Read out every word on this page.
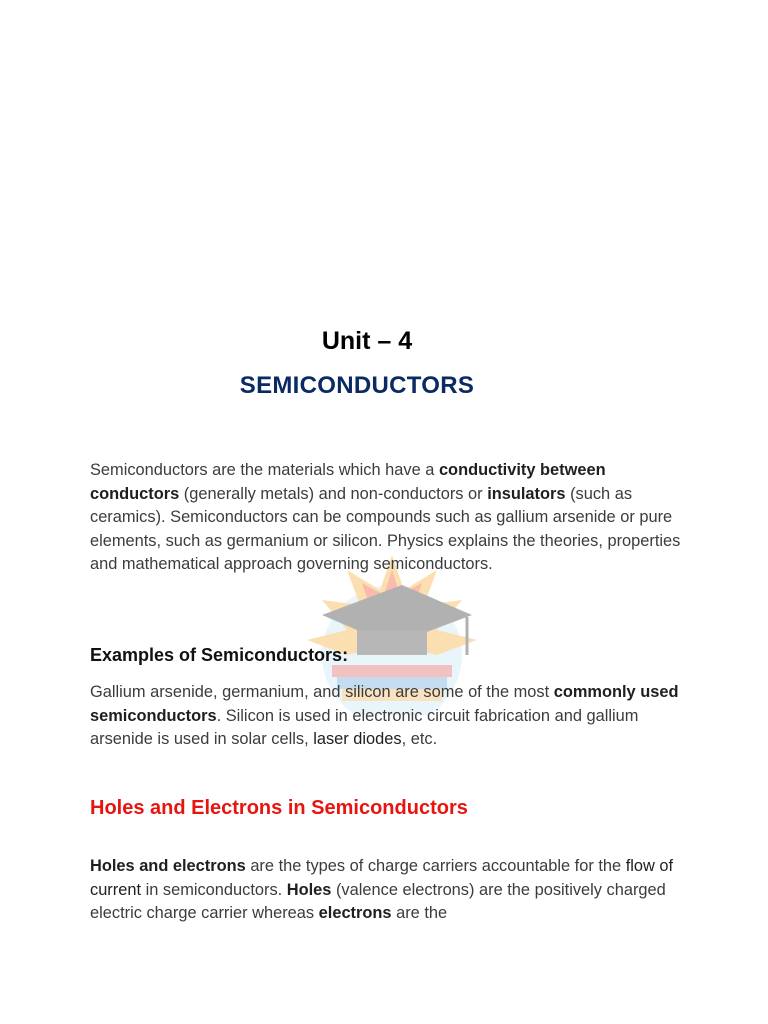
Unit – 4
SEMICONDUCTORS

Semiconductors are the materials which have a conductivity between conductors (generally metals) and non-conductors or insulators (such as ceramics). Semiconductors can be compounds such as gallium arsenide or pure elements, such as germanium or silicon. Physics explains the theories, properties and mathematical approach governing semiconductors.

Examples of Semiconductors:

Gallium arsenide, germanium, and silicon are some of the most commonly used semiconductors. Silicon is used in electronic circuit fabrication and gallium arsenide is used in solar cells, laser diodes, etc.

Holes and Electrons in Semiconductors

Holes and electrons are the types of charge carriers accountable for the flow of current in semiconductors. Holes (valence electrons) are the positively charged electric charge carrier whereas electrons are the
